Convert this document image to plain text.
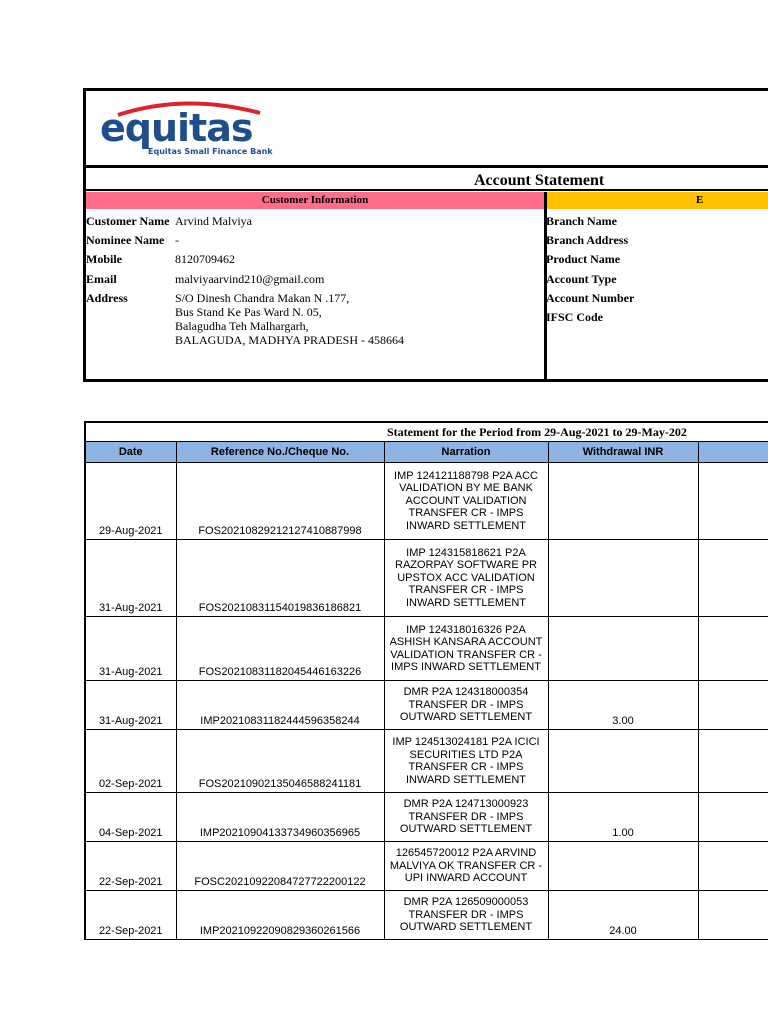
equitas
Equitas Small Finance Bank
Account Statement
Customer Information	E
Customer Name Arvind Malviya
Nominee Name -
Mobile	8120709462
Email	malviyaarvind210@gmail.com
Address	S/O Dinesh Chandra Makan N .177,
Bus Stand Ke Pas Ward N. 05,
Balagudha Teh Malhargarh,
BALAGUDA, MADHYA PRADESH - 458664
Branch Name
Branch Address
Product Name
Account Type
Account Number
IFSC Code
Statement for the Period from 29-Aug-2021 to 29-May-202
Date	Reference No./Cheque No.	Narration	Withdrawal INR	
29-Aug-2021	FOS20210829212127410887998	IMP 124121188798 P2A ACC VALIDATION BY ME BANK ACCOUNT VALIDATION TRANSFER CR - IMPS INWARD SETTLEMENT		
31-Aug-2021	FOS20210831154019836186821	IMP 124315818621 P2A RAZORPAY SOFTWARE PR UPSTOX ACC VALIDATION TRANSFER CR - IMPS INWARD SETTLEMENT		
31-Aug-2021	FOS20210831182045446163226	IMP 124318016326 P2A ASHISH KANSARA ACCOUNT VALIDATION TRANSFER CR - IMPS INWARD SETTLEMENT		
31-Aug-2021	IMP20210831182444596358244	DMR P2A 124318000354 TRANSFER DR - IMPS OUTWARD SETTLEMENT	3.00	
02-Sep-2021	FOS20210902135046588241181	IMP 124513024181 P2A ICICI SECURITIES LTD P2A TRANSFER CR - IMPS INWARD SETTLEMENT		
04-Sep-2021	IMP20210904133734960356965	DMR P2A 124713000923 TRANSFER DR - IMPS OUTWARD SETTLEMENT	1.00	
22-Sep-2021	FOSC20210922084727722200122	126545720012 P2A ARVIND MALVIYA OK TRANSFER CR - UPI INWARD ACCOUNT		
22-Sep-2021	IMP20210922090829360261566	DMR P2A 126509000053 TRANSFER DR - IMPS OUTWARD SETTLEMENT	24.00	
